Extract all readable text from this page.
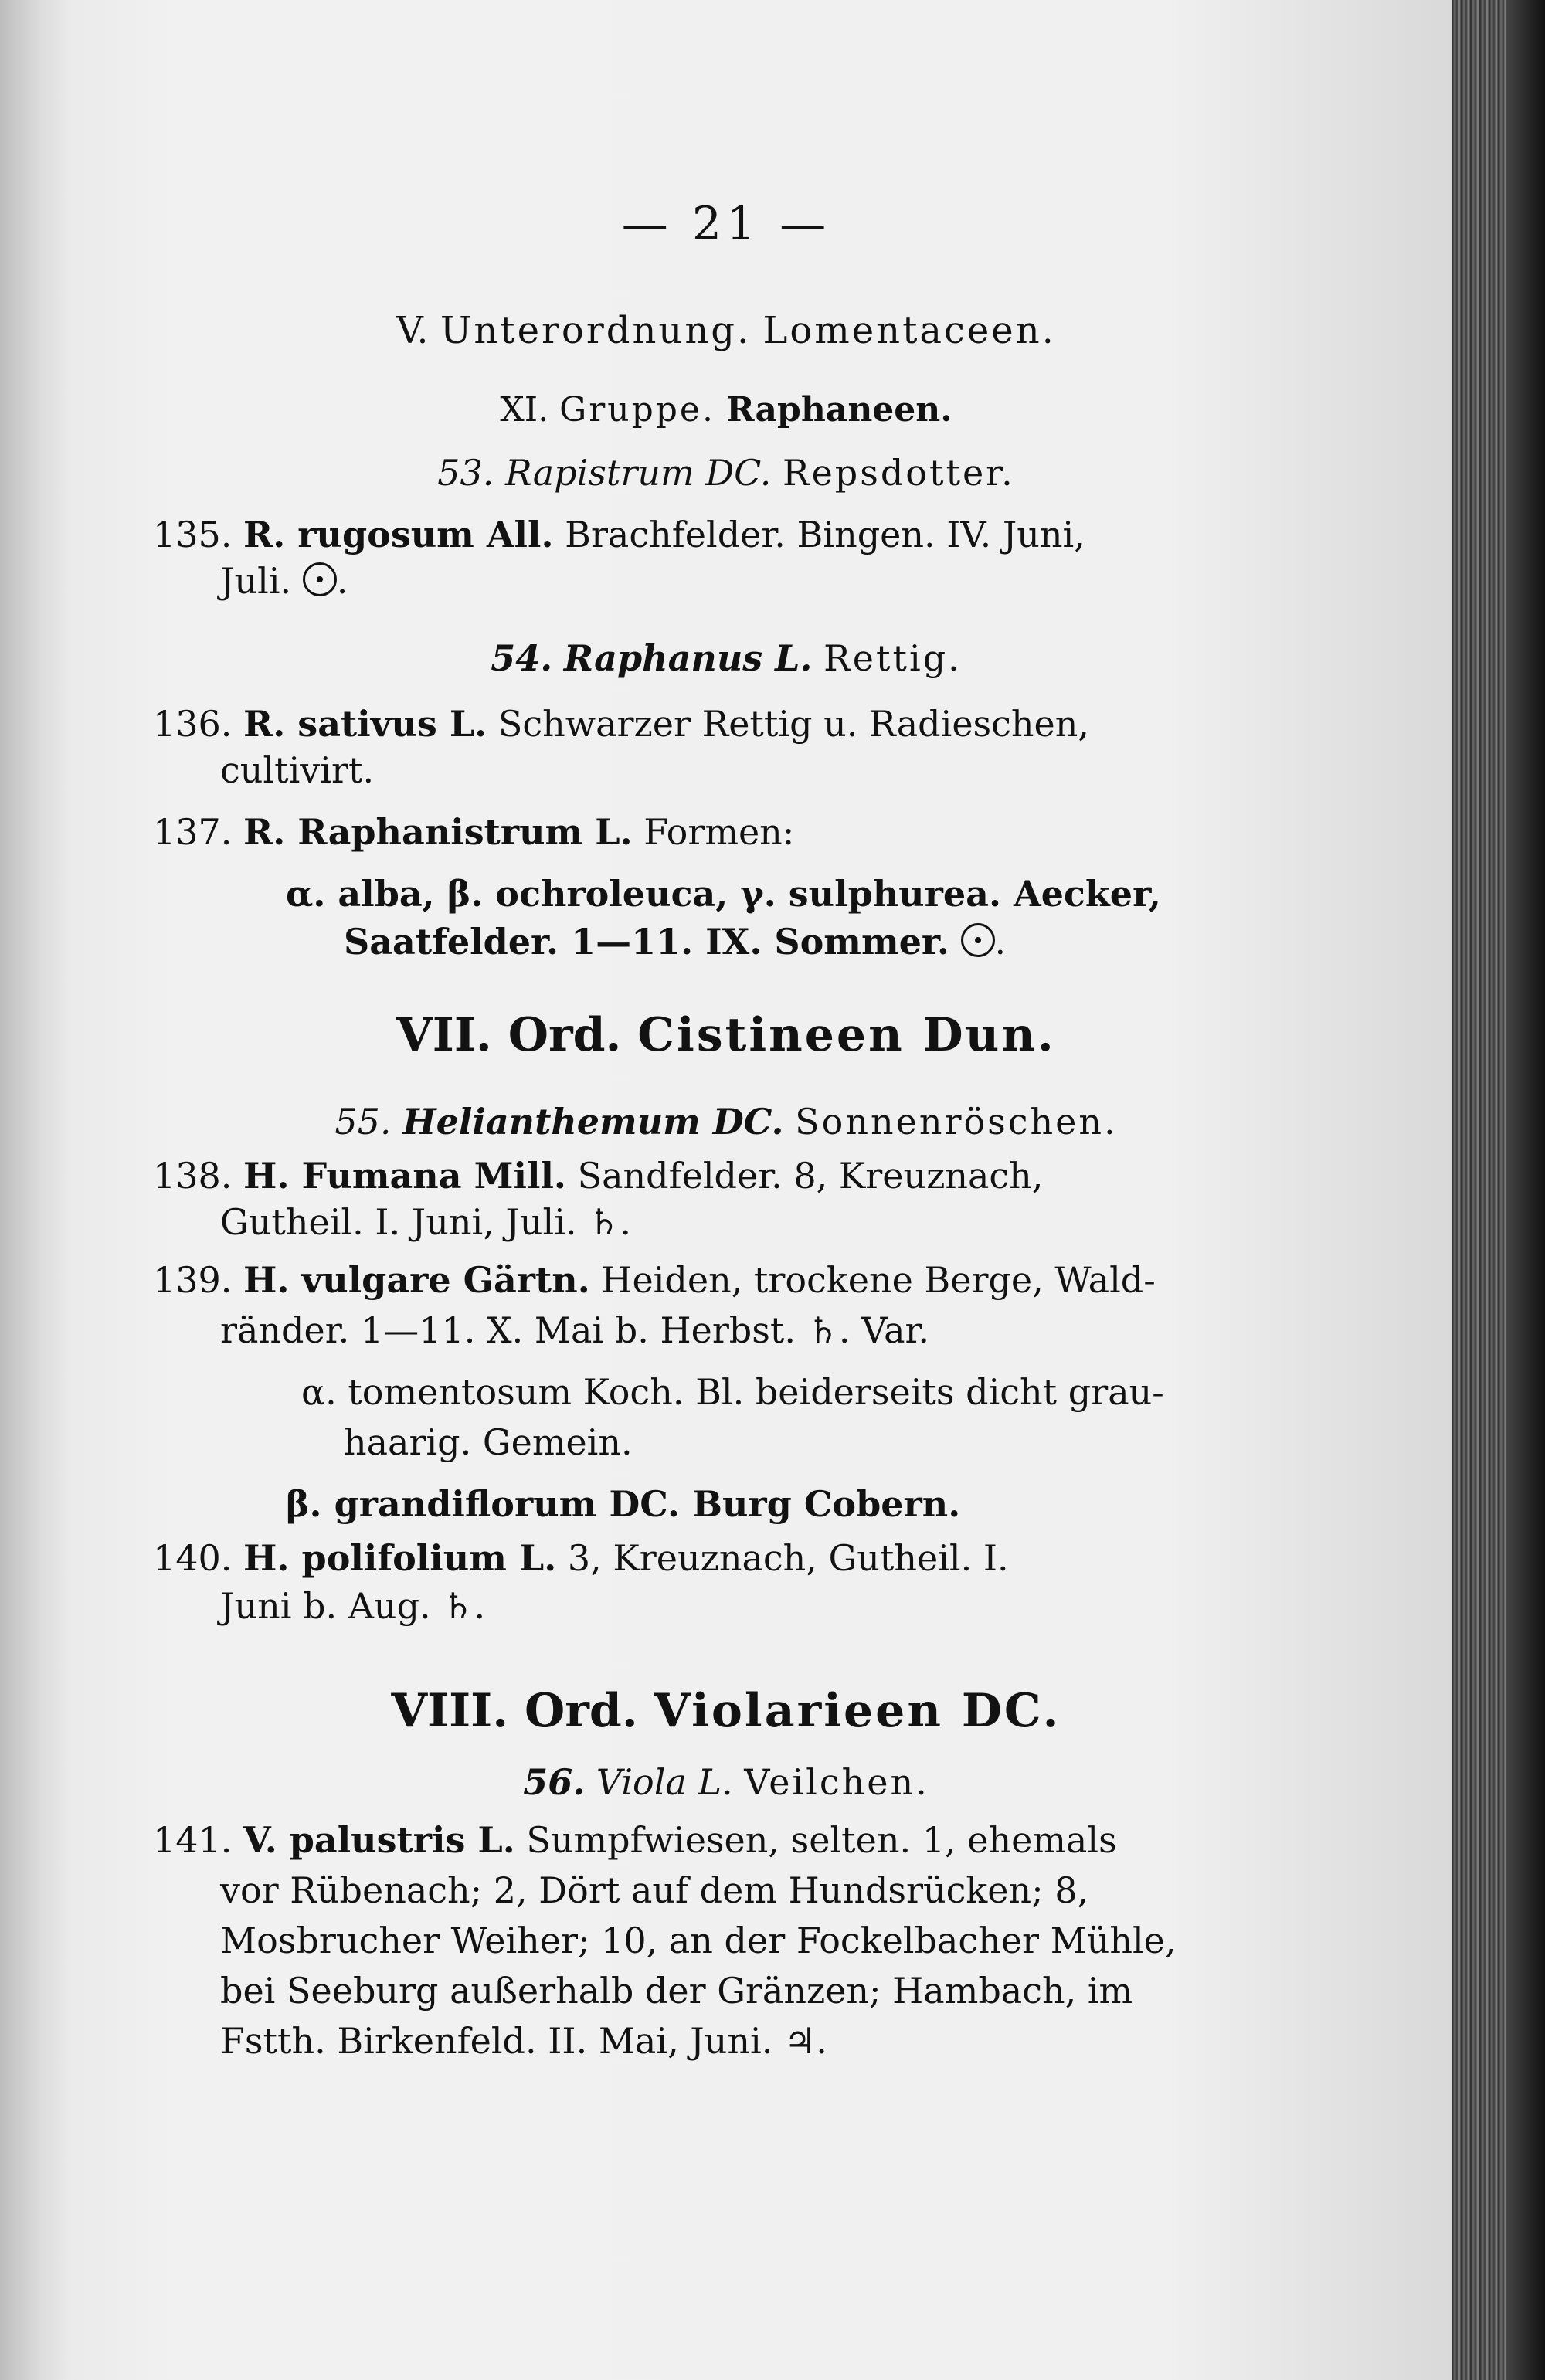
— 21 —
V. Unterordnung. Lomentaceen.
XI. Gruppe. Raphaneen.
53. Rapistrum DC. Repsdotter.
135. R. rugosum All. Brachfelder. Bingen. IV. Juni,
Juli. .
54. Raphanus L. Rettig.
136. R. sativus L. Schwarzer Rettig u. Radieschen,
cultivirt.
137. R. Raphanistrum L. Formen:
α. alba, β. ochroleuca, γ. sulphurea. Aecker,
Saatfelder. 1—11. IX. Sommer. .
VII. Ord. Cistineen Dun.
55. Helianthemum DC. Sonnenröschen.
138. H. Fumana Mill. Sandfelder. 8, Kreuznach,
Gutheil. I. Juni, Juli. ♄.
139. H. vulgare Gärtn. Heiden, trockene Berge, Wald-
ränder. 1—11. X. Mai b. Herbst. ♄. Var.
α. tomentosum Koch. Bl. beiderseits dicht grau-
haarig. Gemein.
β. grandiflorum DC. Burg Cobern.
140. H. polifolium L. 3, Kreuznach, Gutheil. I.
Juni b. Aug. ♄.
VIII. Ord. Violarieen DC.
56. Viola L. Veilchen.
141. V. palustris L. Sumpfwiesen, selten. 1, ehemals
vor Rübenach; 2, Dört auf dem Hundsrücken; 8,
Mosbrucher Weiher; 10, an der Fockelbacher Mühle,
bei Seeburg außerhalb der Gränzen; Hambach, im
Fstth. Birkenfeld. II. Mai, Juni. ♃.
